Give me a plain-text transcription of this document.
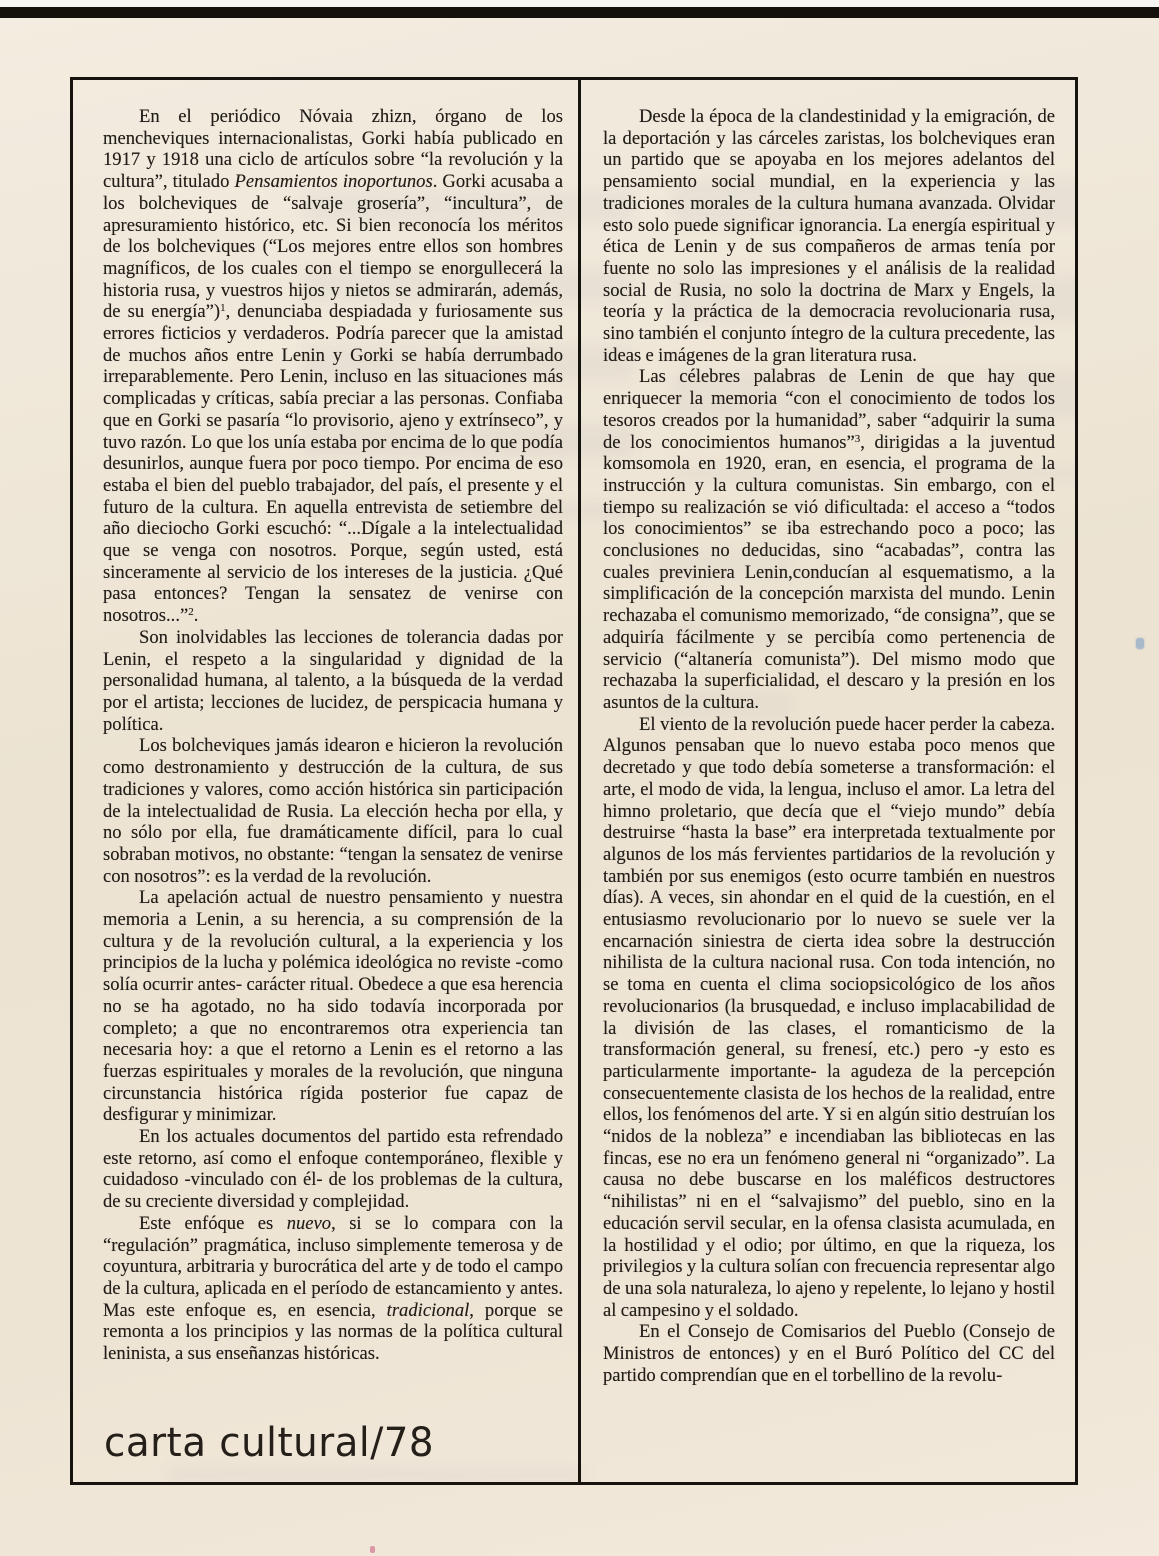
En el periódico Nóvaia zhizn, órgano de los mencheviques internacionalistas, Gorki había publicado en 1917 y 1918 una ciclo de artículos sobre “la revolución y la cultura”, titulado Pensamientos inoportunos. Gorki acusaba a los bolcheviques de “salvaje grosería”, “incultura”, de apresuramiento histórico, etc. Si bien reconocía los méritos de los bolcheviques (“Los mejores entre ellos son hombres magníficos, de los cuales con el tiempo se enorgullecerá la historia rusa, y vuestros hijos y nietos se admirarán, además, de su energía”)$^1$, denunciaba despiadada y furiosamente sus errores ficticios y verdaderos. Podría parecer que la amistad de muchos años entre Lenin y Gorki se había derrumbado irreparablemente. Pero Lenin, incluso en las situaciones más complicadas y críticas, sabía preciar a las personas. Confiaba que en Gorki se pasaría “lo provisorio, ajeno y extrínseco”, y tuvo razón. Lo que los unía estaba por encima de lo que podía desunirlos, aunque fuera por poco tiempo. Por encima de eso estaba el bien del pueblo trabajador, del país, el presente y el futuro de la cultura. En aquella entrevista de setiembre del año dieciocho Gorki escuchó: “...Dígale a la intelectualidad que se venga con nosotros. Porque, según usted, está sinceramente al servicio de los intereses de la justicia. ¿Qué pasa entonces? Tengan la sensatez de venirse con nosotros...”$^2$.

Son inolvidables las lecciones de tolerancia dadas por Lenin, el respeto a la singularidad y dignidad de la personalidad humana, al talento, a la búsqueda de la verdad por el artista; lecciones de lucidez, de perspicacia humana y política.

Los bolcheviques jamás idearon e hicieron la revolución como destronamiento y destrucción de la cultura, de sus tradiciones y valores, como acción histórica sin participación de la intelectualidad de Rusia. La elección hecha por ella, y no sólo por ella, fue dramáticamente difícil, para lo cual sobraban motivos, no obstante: “tengan la sensatez de venirse con nosotros”: es la verdad de la revolución.

La apelación actual de nuestro pensamiento y nuestra memoria a Lenin, a su herencia, a su comprensión de la cultura y de la revolución cultural, a la experiencia y los principios de la lucha y polémica ideológica no reviste -como solía ocurrir antes- carácter ritual. Obedece a que esa herencia no se ha agotado, no ha sido todavía incorporada por completo; a que no encontraremos otra experiencia tan necesaria hoy: a que el retorno a Lenin es el retorno a las fuerzas espirituales y morales de la revolución, que ninguna circunstancia histórica rígida posterior fue capaz de desfigurar y minimizar.

En los actuales documentos del partido esta refrendado este retorno, así como el enfoque contemporáneo, flexible y cuidadoso -vinculado con él- de los problemas de la cultura, de su creciente diversidad y complejidad.

Este enfóque es nuevo, si se lo compara con la “regulación” pragmática, incluso simplemente temerosa y de coyuntura, arbitraria y burocrática del arte y de todo el campo de la cultura, aplicada en el período de estancamiento y antes. Mas este enfoque es, en esencia, tradicional, porque se remonta a los principios y las normas de la política cultural leninista, a sus enseñanzas históricas.

Desde la época de la clandestinidad y la emigración, de la deportación y las cárceles zaristas, los bolcheviques eran un partido que se apoyaba en los mejores adelantos del pensamiento social mundial, en la experiencia y las tradiciones morales de la cultura humana avanzada. Olvidar esto solo puede significar ignorancia. La energía espiritual y ética de Lenin y de sus compañeros de armas tenía por fuente no solo las impresiones y el análisis de la realidad social de Rusia, no solo la doctrina de Marx y Engels, la teoría y la práctica de la democracia revolucionaria rusa, sino también el conjunto íntegro de la cultura precedente, las ideas e imágenes de la gran literatura rusa.

Las célebres palabras de Lenin de que hay que enriquecer la memoria “con el conocimiento de todos los tesoros creados por la humanidad”, saber “adquirir la suma de los conocimientos humanos”$^3$, dirigidas a la juventud komsomola en 1920, eran, en esencia, el programa de la instrucción y la cultura comunistas. Sin embargo, con el tiempo su realización se vió dificultada: el acceso a “todos los conocimientos” se iba estrechando poco a poco; las conclusiones no deducidas, sino “acabadas”, contra las cuales previniera Lenin,conducían al esquematismo, a la simplificación de la concepción marxista del mundo. Lenin rechazaba el comunismo memorizado, “de consigna”, que se adquiría fácilmente y se percibía como pertenencia de servicio (“altanería comunista”). Del mismo modo que rechazaba la superficialidad, el descaro y la presión en los asuntos de la cultura.

El viento de la revolución puede hacer perder la cabeza. Algunos pensaban que lo nuevo estaba poco menos que decretado y que todo debía someterse a transformación: el arte, el modo de vida, la lengua, incluso el amor. La letra del himno proletario, que decía que el “viejo mundo” debía destruirse “hasta la base” era interpretada textualmente por algunos de los más fervientes partidarios de la revolución y también por sus enemigos (esto ocurre también en nuestros días). A veces, sin ahondar en el quid de la cuestión, en el entusiasmo revolucionario por lo nuevo se suele ver la encarnación siniestra de cierta idea sobre la destrucción nihilista de la cultura nacional rusa. Con toda intención, no se toma en cuenta el clima sociopsicológico de los años revolucionarios (la brusquedad, e incluso implacabilidad de la división de las clases, el romanticismo de la transformación general, su frenesí, etc.) pero -y esto es particularmente importante- la agudeza de la percepción consecuentemente clasista de los hechos de la realidad, entre ellos, los fenómenos del arte. Y si en algún sitio destruían los “nidos de la nobleza” e incendiaban las bibliotecas en las fincas, ese no era un fenómeno general ni “organizado”. La causa no debe buscarse en los maléficos destructores “nihilistas” ni en el “salvajismo” del pueblo, sino en la educación servil secular, en la ofensa clasista acumulada, en la hostilidad y el odio; por último, en que la riqueza, los privilegios y la cultura solían con frecuencia representar algo de una sola naturaleza, lo ajeno y repelente, lo lejano y hostil al campesino y el soldado.

En el Consejo de Comisarios del Pueblo (Consejo de Ministros de entonces) y en el Buró Político del CC del partido comprendían que en el torbellino de la revolu-

carta cultural/78
